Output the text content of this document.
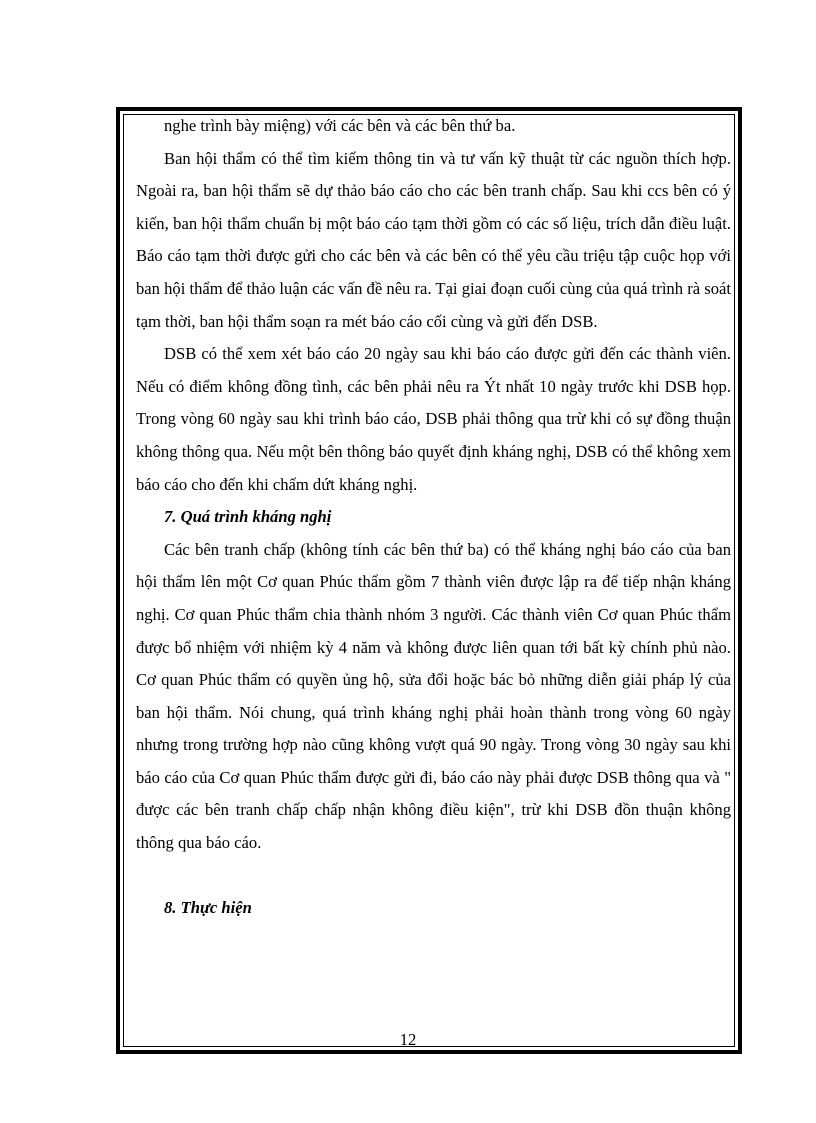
nghe trình bày miệng) với các bên và các bên thứ ba.

Ban hội thẩm có thể tìm kiếm thông tin và tư vấn kỹ thuật từ các nguồn thích hợp. Ngoài ra, ban hội thẩm sẽ dự thảo báo cáo cho các bên tranh chấp. Sau khi ccs bên có ý kiến, ban hội thẩm chuẩn bị một báo cáo tạm thời gồm có các số liệu, trích dẫn điều luật. Báo cáo tạm thời được gửi cho các bên và các bên có thể yêu cầu triệu tập cuộc họp với ban hội thẩm để thảo luận các vấn đề nêu ra. Tại giai đoạn cuối cùng của quá trình rà soát tạm thời, ban hội thẩm soạn ra mét báo cáo cối cùng và gửi đến DSB.

DSB có thể xem xét báo cáo 20 ngày sau khi báo cáo được gửi đến các thành viên. Nếu có điểm không đồng tình, các bên phải nêu ra Ýt nhất 10 ngày trước khi DSB họp. Trong vòng 60 ngày sau khi trình báo cáo, DSB phải thông qua trừ khi có sự đồng thuận không thông qua. Nếu một bên thông báo quyết định kháng nghị, DSB có thể không xem báo cáo cho đến khi chấm dứt kháng nghị.

7. Quá trình kháng nghị

Các bên tranh chấp (không tính các bên thứ ba) có thể kháng nghị báo cáo của ban hội thẩm lên một Cơ quan Phúc thẩm gồm 7 thành viên được lập ra để tiếp nhận kháng nghị. Cơ quan Phúc thẩm chia thành nhóm 3 người. Các thành viên Cơ quan Phúc thẩm được bổ nhiệm với nhiệm kỳ 4 năm và không được liên quan tới bất kỳ chính phủ nào. Cơ quan Phúc thẩm có quyền ủng hộ, sửa đổi hoặc bác bỏ những diễn giải pháp lý của ban hội thẩm. Nói chung, quá trình kháng nghị phải hoàn thành trong vòng 60 ngày nhưng trong trường hợp nào cũng không vượt quá 90 ngày. Trong vòng 30 ngày sau khi báo cáo của Cơ quan Phúc thẩm được gửi đi, báo cáo này phải được DSB thông qua và " được các bên tranh chấp chấp nhận không điều kiện", trừ khi DSB đồn thuận không thông qua báo cáo.

8. Thực hiện
12
